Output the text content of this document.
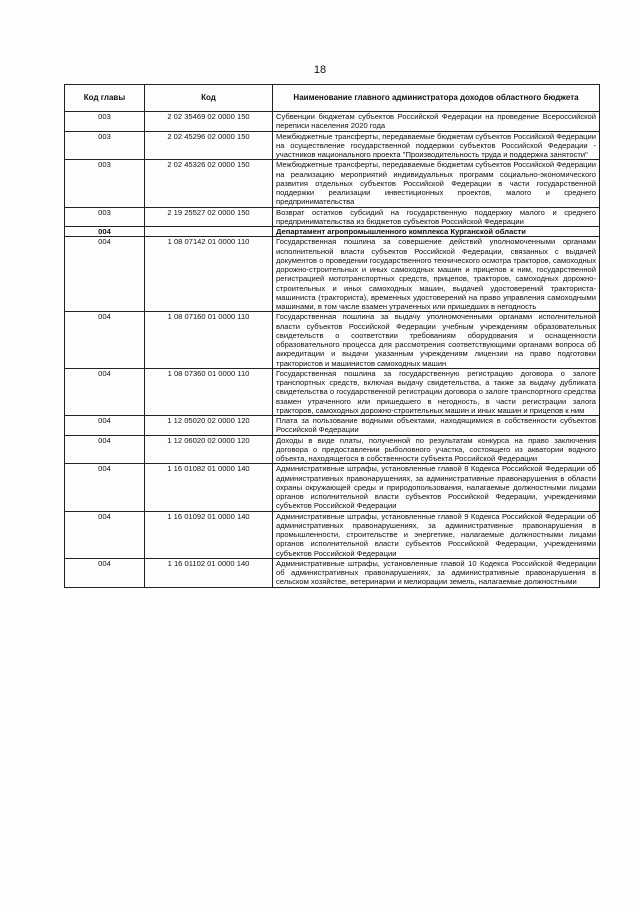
18
Код главы	Код	Наименование главного администратора доходов областного бюджета
003	2 02 35469 02 0000 150	Субвенции бюджетам субъектов Российской Федерации на проведение Всероссийской переписи населения 2020 года
003	2 02 45296 02 0000 150	Межбюджетные трансферты, передаваемые бюджетам субъектов Российской Федерации на осуществление государственной поддержки субъектов Российской Федерации - участников национального проекта "Производительность труда и поддержка занятости"
003	2 02 45326 02 0000 150	Межбюджетные трансферты, передаваемые бюджетам субъектов Российской Федерации на реализацию мероприятий индивидуальных программ социально-экономического развития отдельных субъектов Российской Федерации в части государственной поддержки реализации инвестиционных проектов, малого и среднего предпринимательства
003	2 19 25527 02 0000 150	Возврат остатков субсидий на государственную поддержку малого и среднего предпринимательства из бюджетов субъектов Российской Федерации
004		Департамент агропромышленного комплекса Курганской области
004	1 08 07142 01 0000 110	Государственная пошлина за совершение действий уполномоченными органами исполнительной власти субъектов Российской Федерации, связанных с выдачей документов о проведении государственного технического осмотра тракторов, самоходных дорожно-строительных и иных самоходных машин и прицепов к ним, государственной регистрацией мототранспортных средств, прицепов, тракторов, самоходных дорожно-строительных и иных самоходных машин, выдачей удостоверений тракториста-машиниста (тракториста), временных удостоверений на право управления самоходными машинами, в том числе взамен утраченных или пришедших в негодность
004	1 08 07160 01 0000 110	Государственная пошлина за выдачу уполномоченными органами исполнительной власти субъектов Российской Федерации учебным учреждениям образовательных свидетельств о соответствии требованиям оборудования и оснащенности образовательного процесса для рассмотрения соответствующими органами вопроса об аккредитации и выдачи указанным учреждениям лицензии на право подготовки трактористов и машинистов самоходных машин
004	1 08 07360 01 0000 110	Государственная пошлина за государственную регистрацию договора о залоге транспортных средств, включая выдачу свидетельства, а также за выдачу дубликата свидетельства о государственной регистрации договора о залоге транспортного средства взамен утраченного или пришедшего в негодность, в части регистрации залога тракторов, самоходных дорожно-строительных машин и иных машин и прицепов к ним
004	1 12 05020 02 0000 120	Плата за пользование водными объектами, находящимися в собственности субъектов Российской Федерации
004	1 12 06020 02 0000 120	Доходы в виде платы, полученной по результатам конкурса на право заключения договора о предоставлении рыболовного участка, состоящего из акватории водного объекта, находящегося в собственности субъекта Российской Федерации
004	1 16 01082 01 0000 140	Административные штрафы, установленные главой 8 Кодекса Российской Федерации об административных правонарушениях, за административные правонарушения в области охраны окружающей среды и природопользования, налагаемые должностными лицами органов исполнительной власти субъектов Российской Федерации, учреждениями субъектов Российской Федерации
004	1 16 01092 01 0000 140	Административные штрафы, установленные главой 9 Кодекса Российской Федерации об административных правонарушениях, за административные правонарушения в промышленности, строительстве и энергетике, налагаемые должностными лицами органов исполнительной власти субъектов Российской Федерации, учреждениями субъектов Российской Федерации
004	1 16 01102 01 0000 140	Административные штрафы, установленные главой 10 Кодекса Российской Федерации об административных правонарушениях, за административные правонарушения в сельском хозяйстве, ветеринарии и мелиорации земель, налагаемые должностными
